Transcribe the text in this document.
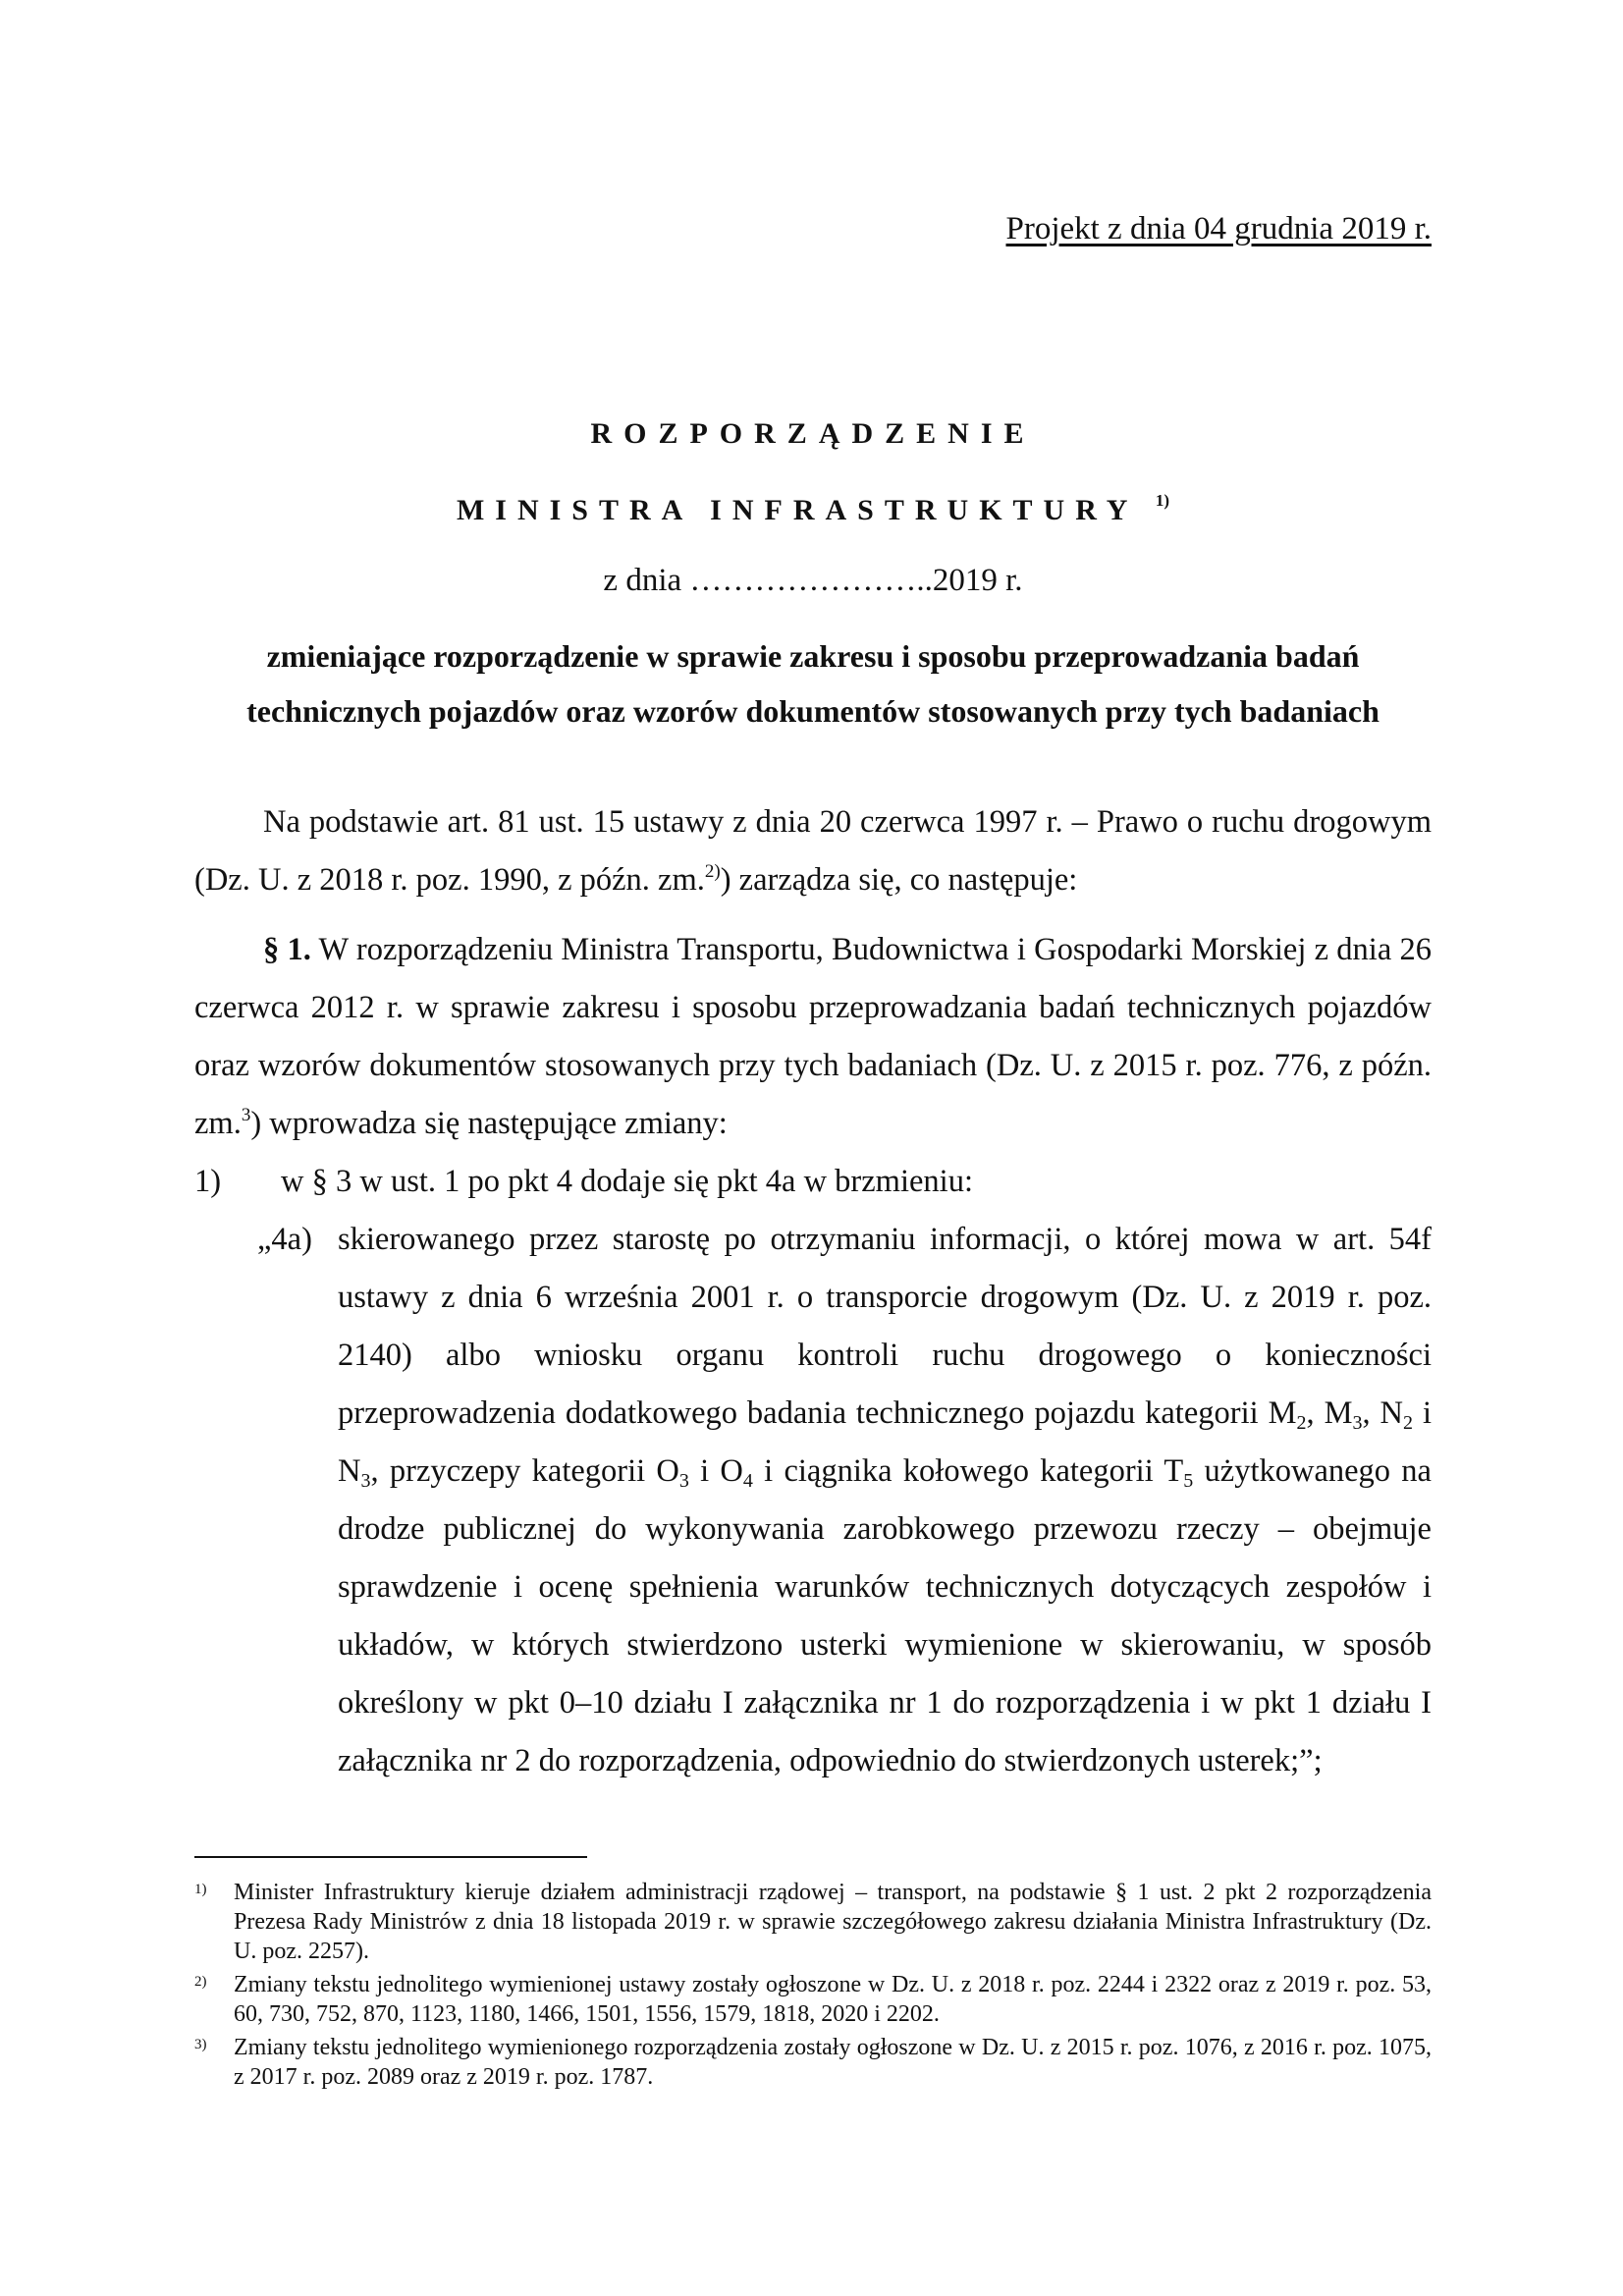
Projekt z dnia 04 grudnia 2019 r.
ROZPORZĄDZENIE
MINISTRA INFRASTRUKTURY $^{1)}$
z dnia …………………..2019 r.
zmieniające rozporządzenie w sprawie zakresu i sposobu przeprowadzania badań
technicznych pojazdów oraz wzorów dokumentów stosowanych przy tych badaniach

Na podstawie art. 81 ust. 15 ustawy z dnia 20 czerwca 1997 r. – Prawo o ruchu drogowym (Dz. U. z 2018 r. poz. 1990, z późn. zm.$^{2)}$) zarządza się, co następuje:

§ 1. W rozporządzeniu Ministra Transportu, Budownictwa i Gospodarki Morskiej z dnia 26 czerwca 2012 r. w sprawie zakresu i sposobu przeprowadzania badań technicznych pojazdów oraz wzorów dokumentów stosowanych przy tych badaniach (Dz. U. z 2015 r. poz. 776, z późn. zm.$^3$) wprowadza się następujące zmiany:

1) w § 3 w ust. 1 po pkt 4 dodaje się pkt 4a w brzmieniu:

„4a) skierowanego przez starostę po otrzymaniu informacji, o której mowa w art. 54f ustawy z dnia 6 września 2001 r. o transporcie drogowym (Dz. U. z 2019 r. poz. 2140) albo wniosku organu kontroli ruchu drogowego o konieczności przeprowadzenia dodatkowego badania technicznego pojazdu kategorii $M_2$, $M_3$, $N_2$ i $N_3$, przyczepy kategorii $O_3$ i $O_4$ i ciągnika kołowego kategorii $T_5$ użytkowanego na drodze publicznej do wykonywania zarobkowego przewozu rzeczy – obejmuje sprawdzenie i ocenę spełnienia warunków technicznych dotyczących zespołów i układów, w których stwierdzono usterki wymienione w skierowaniu, w sposób określony w pkt 0–10 działu I załącznika nr 1 do rozporządzenia i w pkt 1 działu I załącznika nr 2 do rozporządzenia, odpowiednio do stwierdzonych usterek;”;

1) Minister Infrastruktury kieruje działem administracji rządowej – transport, na podstawie § 1 ust. 2 pkt 2 rozporządzenia Prezesa Rady Ministrów z dnia 18 listopada 2019 r. w sprawie szczegółowego zakresu działania Ministra Infrastruktury (Dz. U. poz. 2257).

2) Zmiany tekstu jednolitego wymienionej ustawy zostały ogłoszone w Dz. U. z 2018 r. poz. 2244 i 2322 oraz z 2019 r. poz. 53, 60, 730, 752, 870, 1123, 1180, 1466, 1501, 1556, 1579, 1818, 2020 i 2202.

3) Zmiany tekstu jednolitego wymienionego rozporządzenia zostały ogłoszone w Dz. U. z 2015 r. poz. 1076, z 2016 r. poz. 1075, z 2017 r. poz. 2089 oraz z 2019 r. poz. 1787.
